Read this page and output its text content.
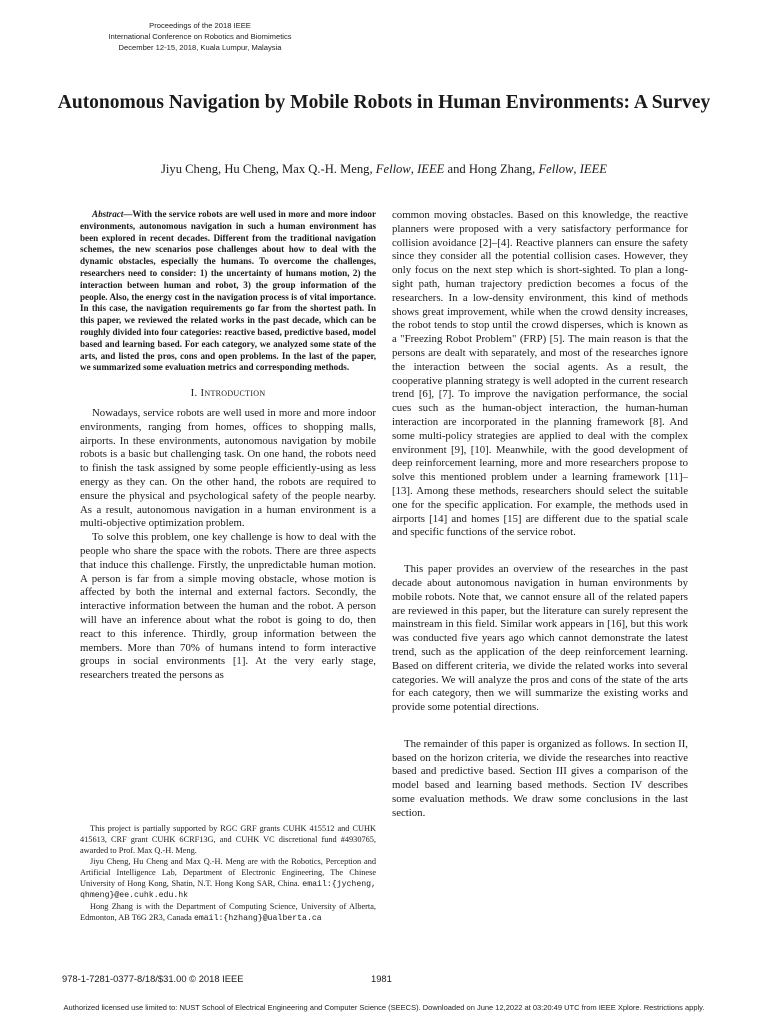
Proceedings of the 2018 IEEE
International Conference on Robotics and Biomimetics
December 12-15, 2018, Kuala Lumpur, Malaysia
Autonomous Navigation by Mobile Robots in Human Environments: A Survey

Jiyu Cheng, Hu Cheng, Max Q.-H. Meng, Fellow, IEEE and Hong Zhang, Fellow, IEEE

Abstract—With the service robots are well used in more and more indoor environments, autonomous navigation in such a human environment has been explored in recent decades. Different from the traditional navigation schemes, the new scenarios pose challenges about how to deal with the dynamic obstacles, especially the humans. To overcome the challenges, researchers need to consider: 1) the uncertainty of humans motion, 2) the interaction between human and robot, 3) the group information of the people. Also, the energy cost in the navigation process is of vital importance. In this case, the navigation requirements go far from the shortest path. In this paper, we reviewed the related works in the past decade, which can be roughly divided into four categories: reactive based, predictive based, model based and learning based. For each category, we analyzed some state of the arts, and listed the pros, cons and open problems. In the last of the paper, we summarized some evaluation metrics and corresponding methods.

I. Introduction

Nowadays, service robots are well used in more and more indoor environments, ranging from homes, offices to shopping malls, airports. In these environments, autonomous navigation by mobile robots is a basic but challenging task. On one hand, the robots need to finish the task assigned by some people efficiently-using as less energy as they can. On the other hand, the robots are required to ensure the physical and psychological safety of the people nearby. As a result, autonomous navigation in a human environment is a multi-objective optimization problem.

To solve this problem, one key challenge is how to deal with the people who share the space with the robots. There are three aspects that induce this challenge. Firstly, the unpredictable human motion. A person is far from a simple moving obstacle, whose motion is affected by both the internal and external factors. Secondly, the interactive information between the human and the robot. A person will have an inference about what the robot is going to do, then react to this inference. Thirdly, group information between the members. More than 70% of humans intend to form interactive groups in social environments [1]. At the very early stage, researchers treated the persons as

common moving obstacles. Based on this knowledge, the reactive planners were proposed with a very satisfactory performance for collision avoidance [2]–[4]. Reactive planners can ensure the safety since they consider all the potential collision cases. However, they only focus on the next step which is short-sighted. To plan a long-sight path, human trajectory prediction becomes a focus of the researchers. In a low-density environment, this kind of methods shows great improvement, while when the crowd density increases, the robot tends to stop until the crowd disperses, which is known as a "Freezing Robot Problem" (FRP) [5]. The main reason is that the persons are dealt with separately, and most of the researches ignore the interaction between the social agents. As a result, the cooperative planning strategy is well adopted in the current research trend [6], [7]. To improve the navigation performance, the social cues such as the human-object interaction, the human-human interaction are incorporated in the planning framework [8]. And some multi-policy strategies are applied to deal with the complex environment [9], [10]. Meanwhile, with the good development of deep reinforcement learning, more and more researchers propose to solve this mentioned problem under a learning framework [11]–[13]. Among these methods, researchers should select the suitable one for the specific application. For example, the methods used in airports [14] and homes [15] are different due to the spatial scale and specific functions of the service robot.

This paper provides an overview of the researches in the past decade about autonomous navigation in human environments by mobile robots. Note that, we cannot ensure all of the related papers are reviewed in this paper, but the literature can surely represent the mainstream in this field. Similar work appears in [16], but this work was conducted five years ago which cannot demonstrate the latest trend, such as the application of the deep reinforcement learning. Based on different criteria, we divide the related works into several categories. We will analyze the pros and cons of the state of the arts for each category, then we will summarize the existing works and provide some potential directions.

The remainder of this paper is organized as follows. In section II, based on the horizon criteria, we divide the researches into reactive based and predictive based. Section III gives a comparison of the model based and learning based methods. Section IV describes some evaluation methods. We draw some conclusions in the last section.

This project is partially supported by RGC GRF grants CUHK 415512 and CUHK 415613, CRF grant CUHK 6CRF13G, and CUHK VC discretional fund #4930765, awarded to Prof. Max Q.-H. Meng.

Jiyu Cheng, Hu Cheng and Max Q.-H. Meng are with the Robotics, Perception and Artificial Intelligence Lab, Department of Electronic Engineering, The Chinese University of Hong Kong, Shatin, N.T. Hong Kong SAR, China. email:{jycheng, qhmeng}@ee.cuhk.edu.hk

Hong Zhang is with the Department of Computing Science, University of Alberta, Edmonton, AB T6G 2R3, Canada email:{hzhang}@ualberta.ca

978-1-7281-0377-8/18/$31.00 © 2018 IEEE	1981
Authorized licensed use limited to: NUST School of Electrical Engineering and Computer Science (SEECS). Downloaded on June 12,2022 at 03:20:49 UTC from IEEE Xplore. Restrictions apply.
